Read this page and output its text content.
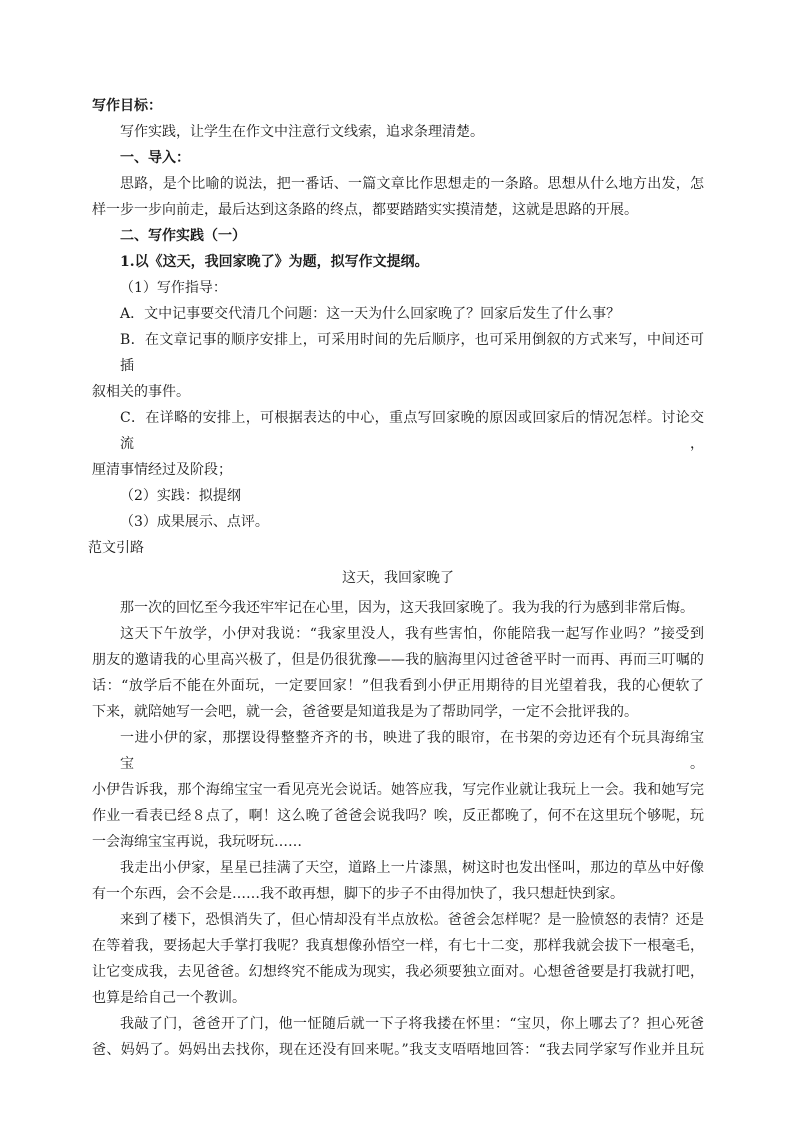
写作目标：

写作实践，让学生在作文中注意行文线索，追求条理清楚。

一、导入：

思路，是个比喻的说法，把一番话、一篇文章比作思想走的一条路。思想从什么地方出发，怎

样一步一步向前走，最后达到这条路的终点，都要踏踏实实摸清楚，这就是思路的开展。

二、写作实践（一）

1.以《这天，我回家晚了》为题，拟写作文提纲。

（1）写作指导：

A．文中记事要交代清几个问题：这一天为什么回家晚了？回家后发生了什么事？

B．在文章记事的顺序安排上，可采用时间的先后顺序，也可采用倒叙的方式来写，中间还可插

叙相关的事件。

C．在详略的安排上，可根据表达的中心，重点写回家晚的原因或回家后的情况怎样。讨论交流，

厘清事情经过及阶段；

（2）实践：拟提纲

（3）成果展示、点评。

范文引路

这天，我回家晚了

那一次的回忆至今我还牢牢记在心里，因为，这天我回家晚了。我为我的行为感到非常后悔。

这天下午放学，小伊对我说：“我家里没人，我有些害怕，你能陪我一起写作业吗？”接受到

朋友的邀请我的心里高兴极了，但是仍很犹豫——我的脑海里闪过爸爸平时一而再、再而三叮嘱的

话：“放学后不能在外面玩，一定要回家！”但我看到小伊正用期待的目光望着我，我的心便软了

下来，就陪她写一会吧，就一会，爸爸要是知道我是为了帮助同学，一定不会批评我的。

一进小伊的家，那摆设得整整齐齐的书，映进了我的眼帘，在书架的旁边还有个玩具海绵宝宝。

小伊告诉我，那个海绵宝宝一看见亮光会说话。她答应我，写完作业就让我玩上一会。我和她写完

作业一看表已经８点了，啊！这么晚了爸爸会说我吗？唉，反正都晚了，何不在这里玩个够呢，玩

一会海绵宝宝再说，我玩呀玩……

我走出小伊家，星星已挂满了天空，道路上一片漆黑，树这时也发出怪叫，那边的草丛中好像

有一个东西，会不会是……我不敢再想，脚下的步子不由得加快了，我只想赶快到家。

来到了楼下，恐惧消失了，但心情却没有半点放松。爸爸会怎样呢？是一脸愤怒的表情？还是

在等着我，要扬起大手掌打我呢？我真想像孙悟空一样，有七十二变，那样我就会拔下一根毫毛，

让它变成我，去见爸爸。幻想终究不能成为现实，我必须要独立面对。心想爸爸要是打我就打吧，

也算是给自己一个教训。

我敲了门，爸爸开了门，他一怔随后就一下子将我搂在怀里：“宝贝，你上哪去了？担心死爸

爸、妈妈了。妈妈出去找你，现在还没有回来呢。”我支支唔唔地回答：“我去同学家写作业并且玩
